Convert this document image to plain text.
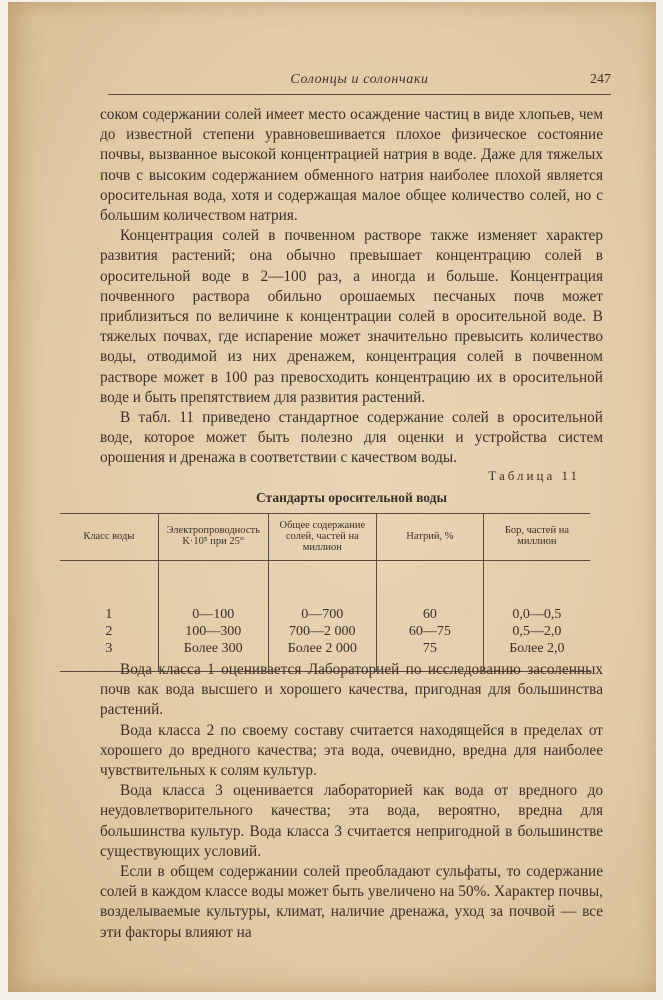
Солонцы и солончаки	247

соком содержании солей имеет место осаждение частиц в виде хлопьев, чем до известной степени уравновешивается плохое физическое состояние почвы, вызванное высокой концентрацией натрия в воде. Даже для тяжелых почв с высоким содержанием обменного натрия наиболее плохой является оросительная вода, хотя и содержащая малое общее количество солей, но с большим количеством натрия.

Концентрация солей в почвенном растворе также изменяет характер развития растений; она обычно превышает концентрацию солей в оросительной воде в 2—100 раз, а иногда и больше. Концентрация почвенного раствора обильно орошаемых песчаных почв может приблизиться по величине к концентрации солей в оросительной воде. В тяжелых почвах, где испарение может значительно превысить количество воды, отводимой из них дренажем, концентрация солей в почвенном растворе может в 100 раз превосходить концентрацию их в оросительной воде и быть препятствием для развития растений.

В табл. 11 приведено стандартное содержание солей в оросительной воде, которое может быть полезно для оценки и устройства систем орошения и дренажа в соответствии с качеством воды.

Таблица 11
Стандарты оросительной воды
Класс воды	Электропроводность K·10⁵ при 25°	Общее содержание солей, частей на миллион	Натрий, %	Бор, частей на миллион

1	0—100	0—700	60	0,0—0,5
2	100—300	700—2 000	60—75	0,5—2,0
3	Более 300	Более 2 000	75	Более 2,0

Вода класса 1 оценивается Лабораторией по исследованию засоленных почв как вода высшего и хорошего качества, пригодная для большинства растений.

Вода класса 2 по своему составу считается находящейся в пределах от хорошего до вредного качества; эта вода, очевидно, вредна для наиболее чувствительных к солям культур.

Вода класса 3 оценивается лабораторией как вода от вредного до неудовлетворительного качества; эта вода, вероятно, вредна для большинства культур. Вода класса 3 считается непригодной в большинстве существующих условий.

Если в общем содержании солей преобладают сульфаты, то содержание солей в каждом классе воды может быть увеличено на 50%. Характер почвы, возделываемые культуры, климат, наличие дренажа, уход за почвой — все эти факторы влияют на
